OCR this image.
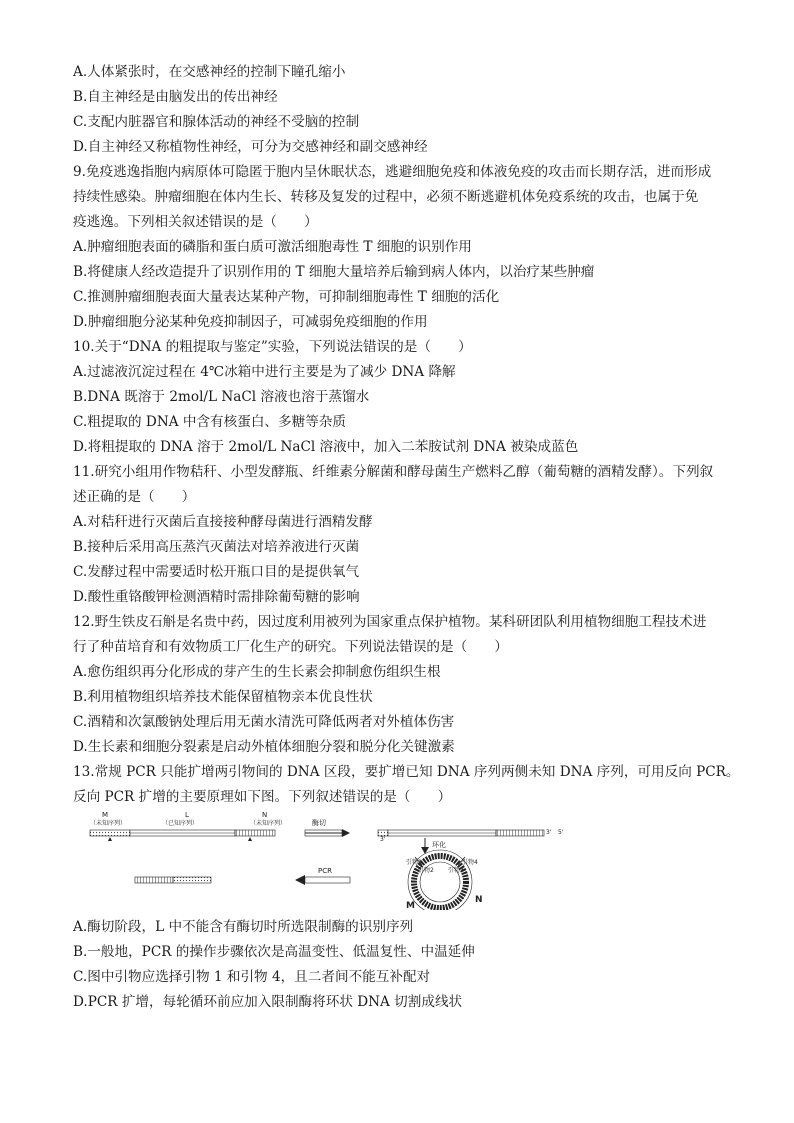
A.人体紧张时，在交感神经的控制下瞳孔缩小
B.自主神经是由脑发出的传出神经
C.支配内脏器官和腺体活动的神经不受脑的控制
D.自主神经又称植物性神经，可分为交感神经和副交感神经
9.免疫逃逸指胞内病原体可隐匿于胞内呈休眠状态，逃避细胞免疫和体液免疫的攻击而长期存活，进而形成
持续性感染。肿瘤细胞在体内生长、转移及复发的过程中，必须不断逃避机体免疫系统的攻击，也属于免
疫逃逸。下列相关叙述错误的是（　　）
A.肿瘤细胞表面的磷脂和蛋白质可激活细胞毒性 T 细胞的识别作用
B.将健康人经改造提升了识别作用的 T 细胞大量培养后输到病人体内，以治疗某些肿瘤
C.推测肿瘤细胞表面大量表达某种产物，可抑制细胞毒性 T 细胞的活化
D.肿瘤细胞分泌某种免疫抑制因子，可减弱免疫细胞的作用
10.关于“DNA 的粗提取与鉴定”实验，下列说法错误的是（　　）
A.过滤液沉淀过程在 4℃冰箱中进行主要是为了减少 DNA 降解
B.DNA 既溶于 2mol/L NaCl 溶液也溶于蒸馏水
C.粗提取的 DNA 中含有核蛋白、多糖等杂质
D.将粗提取的 DNA 溶于 2mol/L NaCl 溶液中，加入二苯胺试剂 DNA 被染成蓝色
11.研究小组用作物秸秆、小型发酵瓶、纤维素分解菌和酵母菌生产燃料乙醇（葡萄糖的酒精发酵）。下列叙
述正确的是（　　）
A.对秸秆进行灭菌后直接接种酵母菌进行酒精发酵
B.接种后采用高压蒸汽灭菌法对培养液进行灭菌
C.发酵过程中需要适时松开瓶口目的是提供氧气
D.酸性重铬酸钾检测酒精时需排除葡萄糖的影响
12.野生铁皮石斛是名贵中药，因过度利用被列为国家重点保护植物。某科研团队利用植物细胞工程技术进
行了种苗培育和有效物质工厂化生产的研究。下列说法错误的是（　　）
A.愈伤组织再分化形成的芽产生的生长素会抑制愈伤组织生根
B.利用植物组织培养技术能保留植物亲本优良性状
C.酒精和次氯酸钠处理后用无菌水清洗可降低两者对外植体伤害
D.生长素和细胞分裂素是启动外植体细胞分裂和脱分化关键激素
13.常规 PCR 只能扩增两引物间的 DNA 区段，要扩增已知 DNA 序列两侧未知 DNA 序列，可用反向 PCR。
反向 PCR 扩增的主要原理如下图。下列叙述错误的是（　　）
M	L	N
（未知序列）	（已知序列）	（未知序列）	酶切
3'
3' 5'
环化
引物1
引物2 引物3
引物4
M
N
PCR
A.酶切阶段，L 中不能含有酶切时所选限制酶的识别序列
B.一般地，PCR 的操作步骤依次是高温变性、低温复性、中温延伸
C.图中引物应选择引物 1 和引物 4，且二者间不能互补配对
D.PCR 扩增，每轮循环前应加入限制酶将环状 DNA 切割成线状
